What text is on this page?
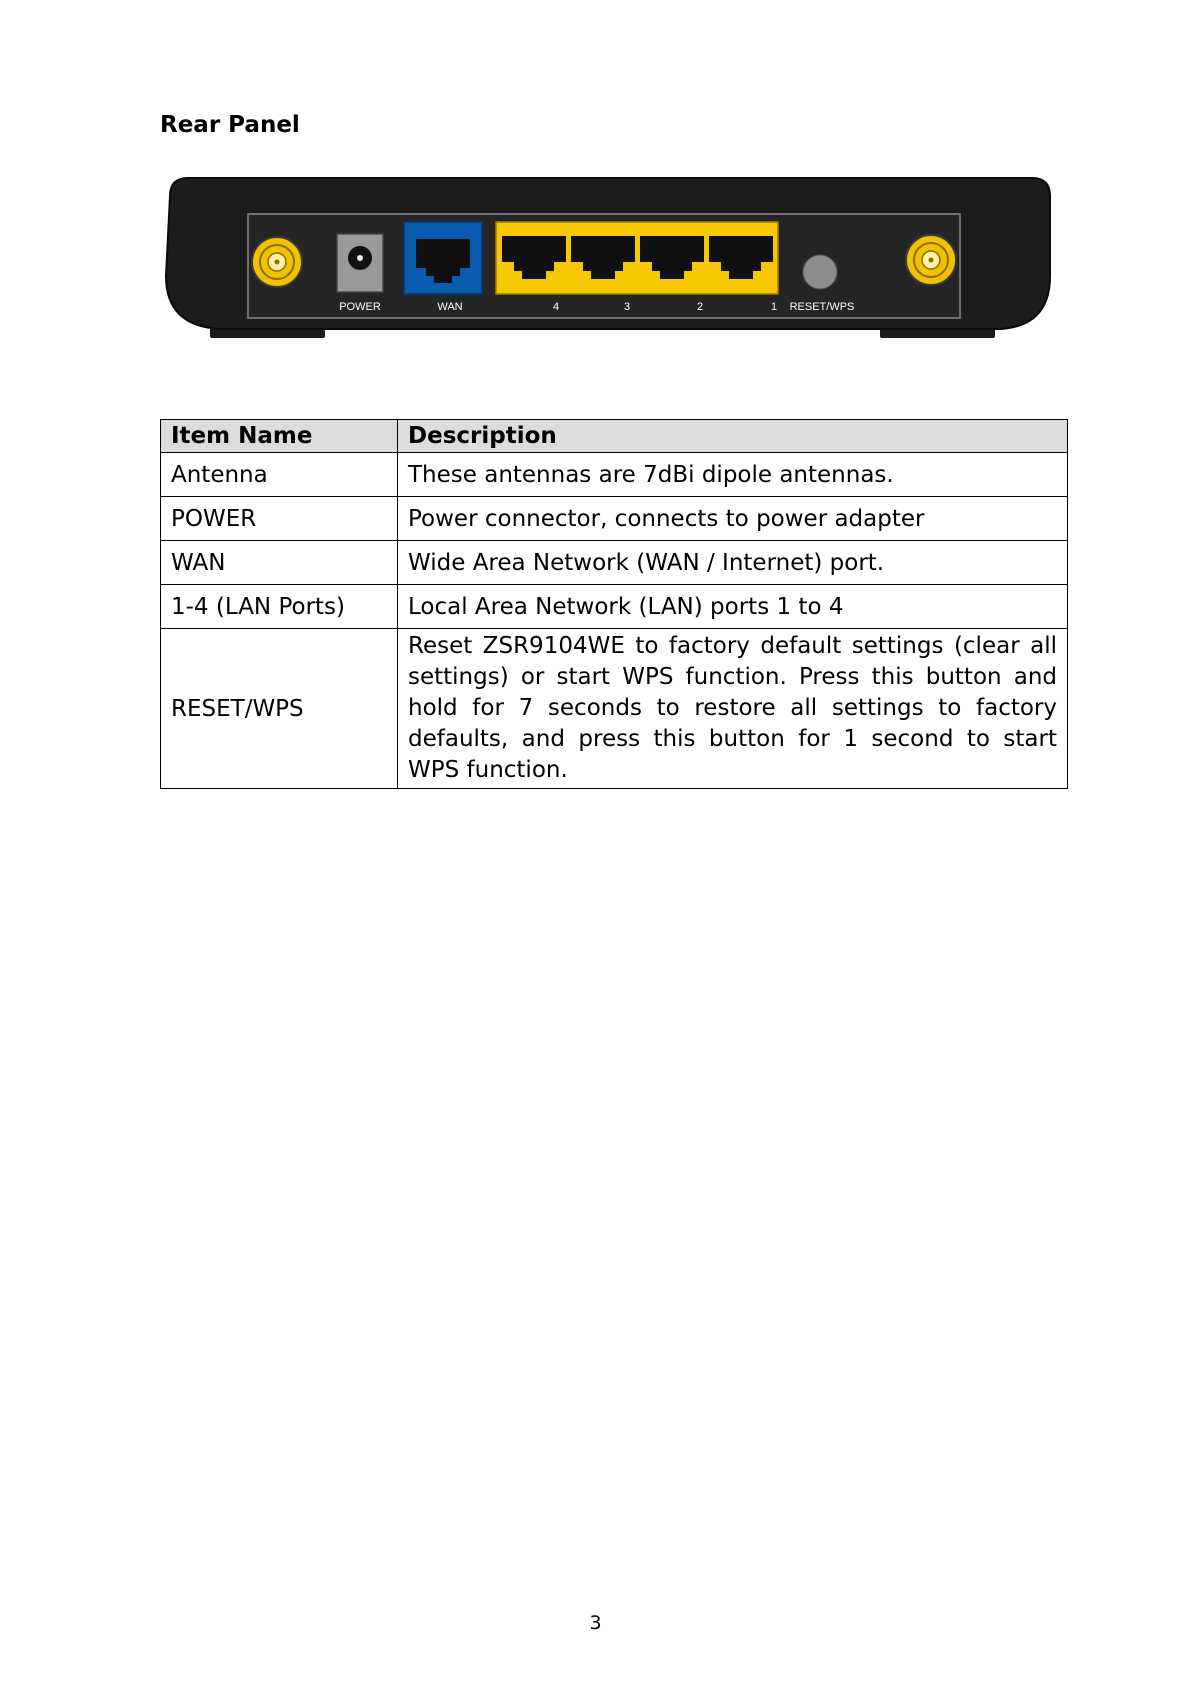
Rear Panel
POWER	WAN	4	3	2	1 RESET/WPS
Item Name	Description
Antenna	These antennas are 7dBi dipole antennas.
POWER	Power connector, connects to power adapter
WAN	Wide Area Network (WAN / Internet) port.
1-4 (LAN Ports)	Local Area Network (LAN) ports 1 to 4
RESET/WPS	Reset ZSR9104WE to factory default settings (clear all settings) or start WPS function. Press this button and hold for 7 seconds to restore all settings to factory defaults, and press this button for 1 second to start WPS function.
3
